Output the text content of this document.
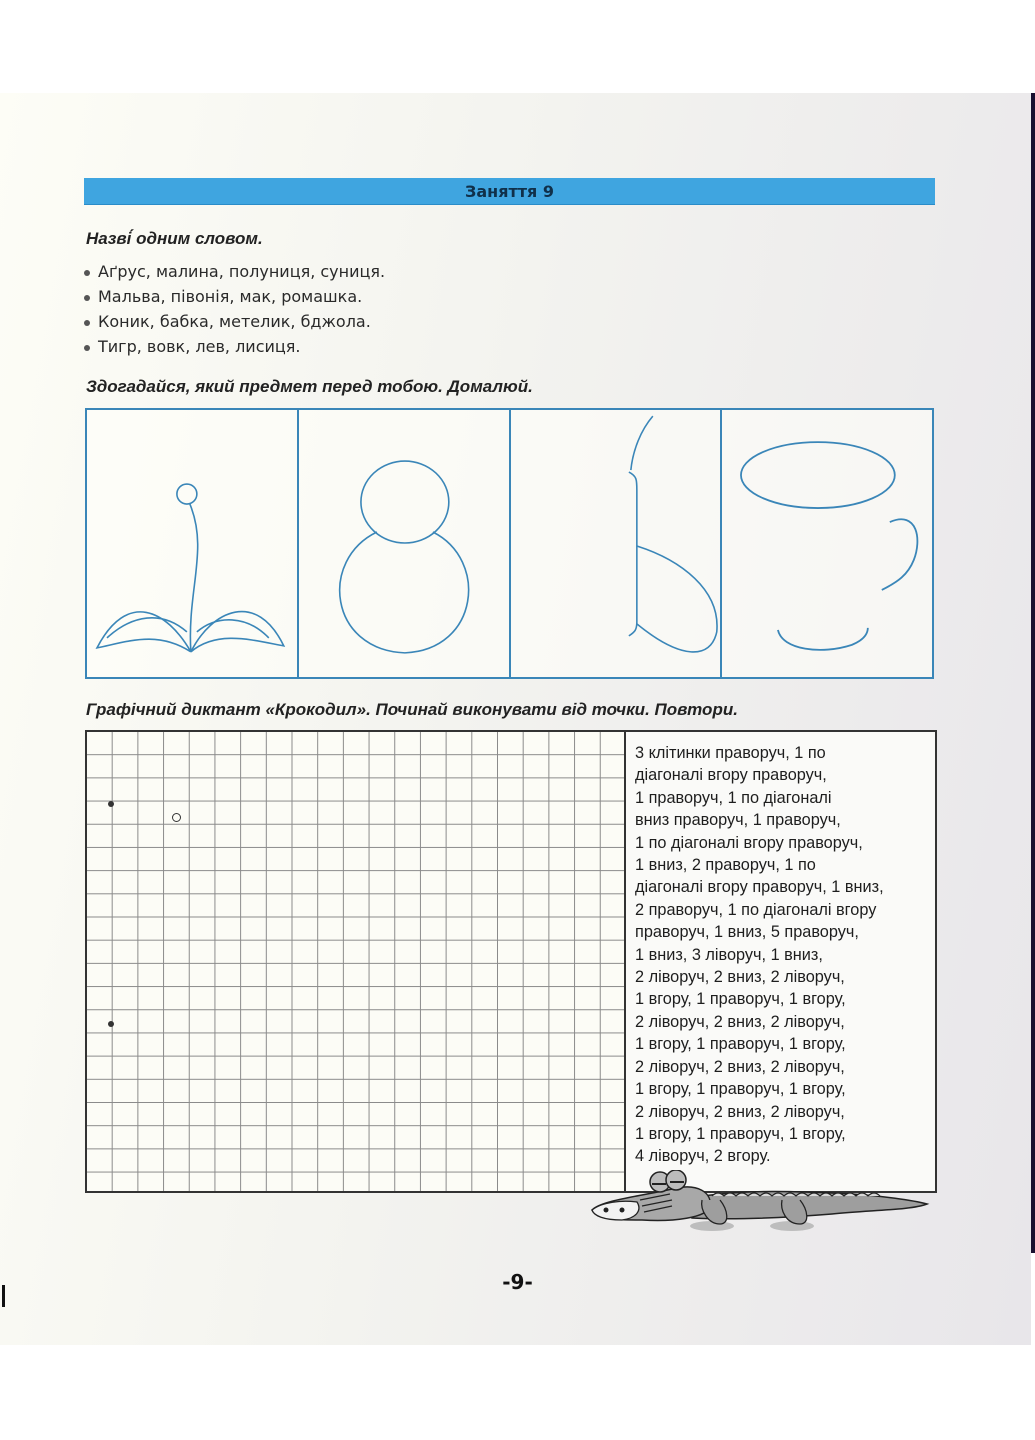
Заняття 9
Назві́ одним словом.
Аґрус, малина, полуниця, суниця.
Мальва, півонія, мак, ромашка.
Коник, бабка, метелик, бджола.
Тигр, вовк, лев, лисиця.
Здогадайся, який предмет перед тобою. Домалюй.
Графічний диктант «Крокодил». Починай виконувати від точки. Повтори.
3 клітинки праворуч, 1 по
діагоналі вгору праворуч,
1 праворуч, 1 по діагоналі
вниз праворуч, 1 праворуч,
1 по діагоналі вгору праворуч,
1 вниз, 2 праворуч, 1 по
діагоналі вгору праворуч, 1 вниз,
2 праворуч, 1 по діагоналі вгору
праворуч, 1 вниз, 5 праворуч,
1 вниз, 3 ліворуч, 1 вниз,
2 ліворуч, 2 вниз, 2 ліворуч,
1 вгору, 1 праворуч, 1 вгору,
2 ліворуч, 2 вниз, 2 ліворуч,
1 вгору, 1 праворуч, 1 вгору,
2 ліворуч, 2 вниз, 2 ліворуч,
1 вгору, 1 праворуч, 1 вгору,
2 ліворуч, 2 вниз, 2 ліворуч,
1 вгору, 1 праворуч, 1 вгору,
4 ліворуч, 2 вгору.
-9-
